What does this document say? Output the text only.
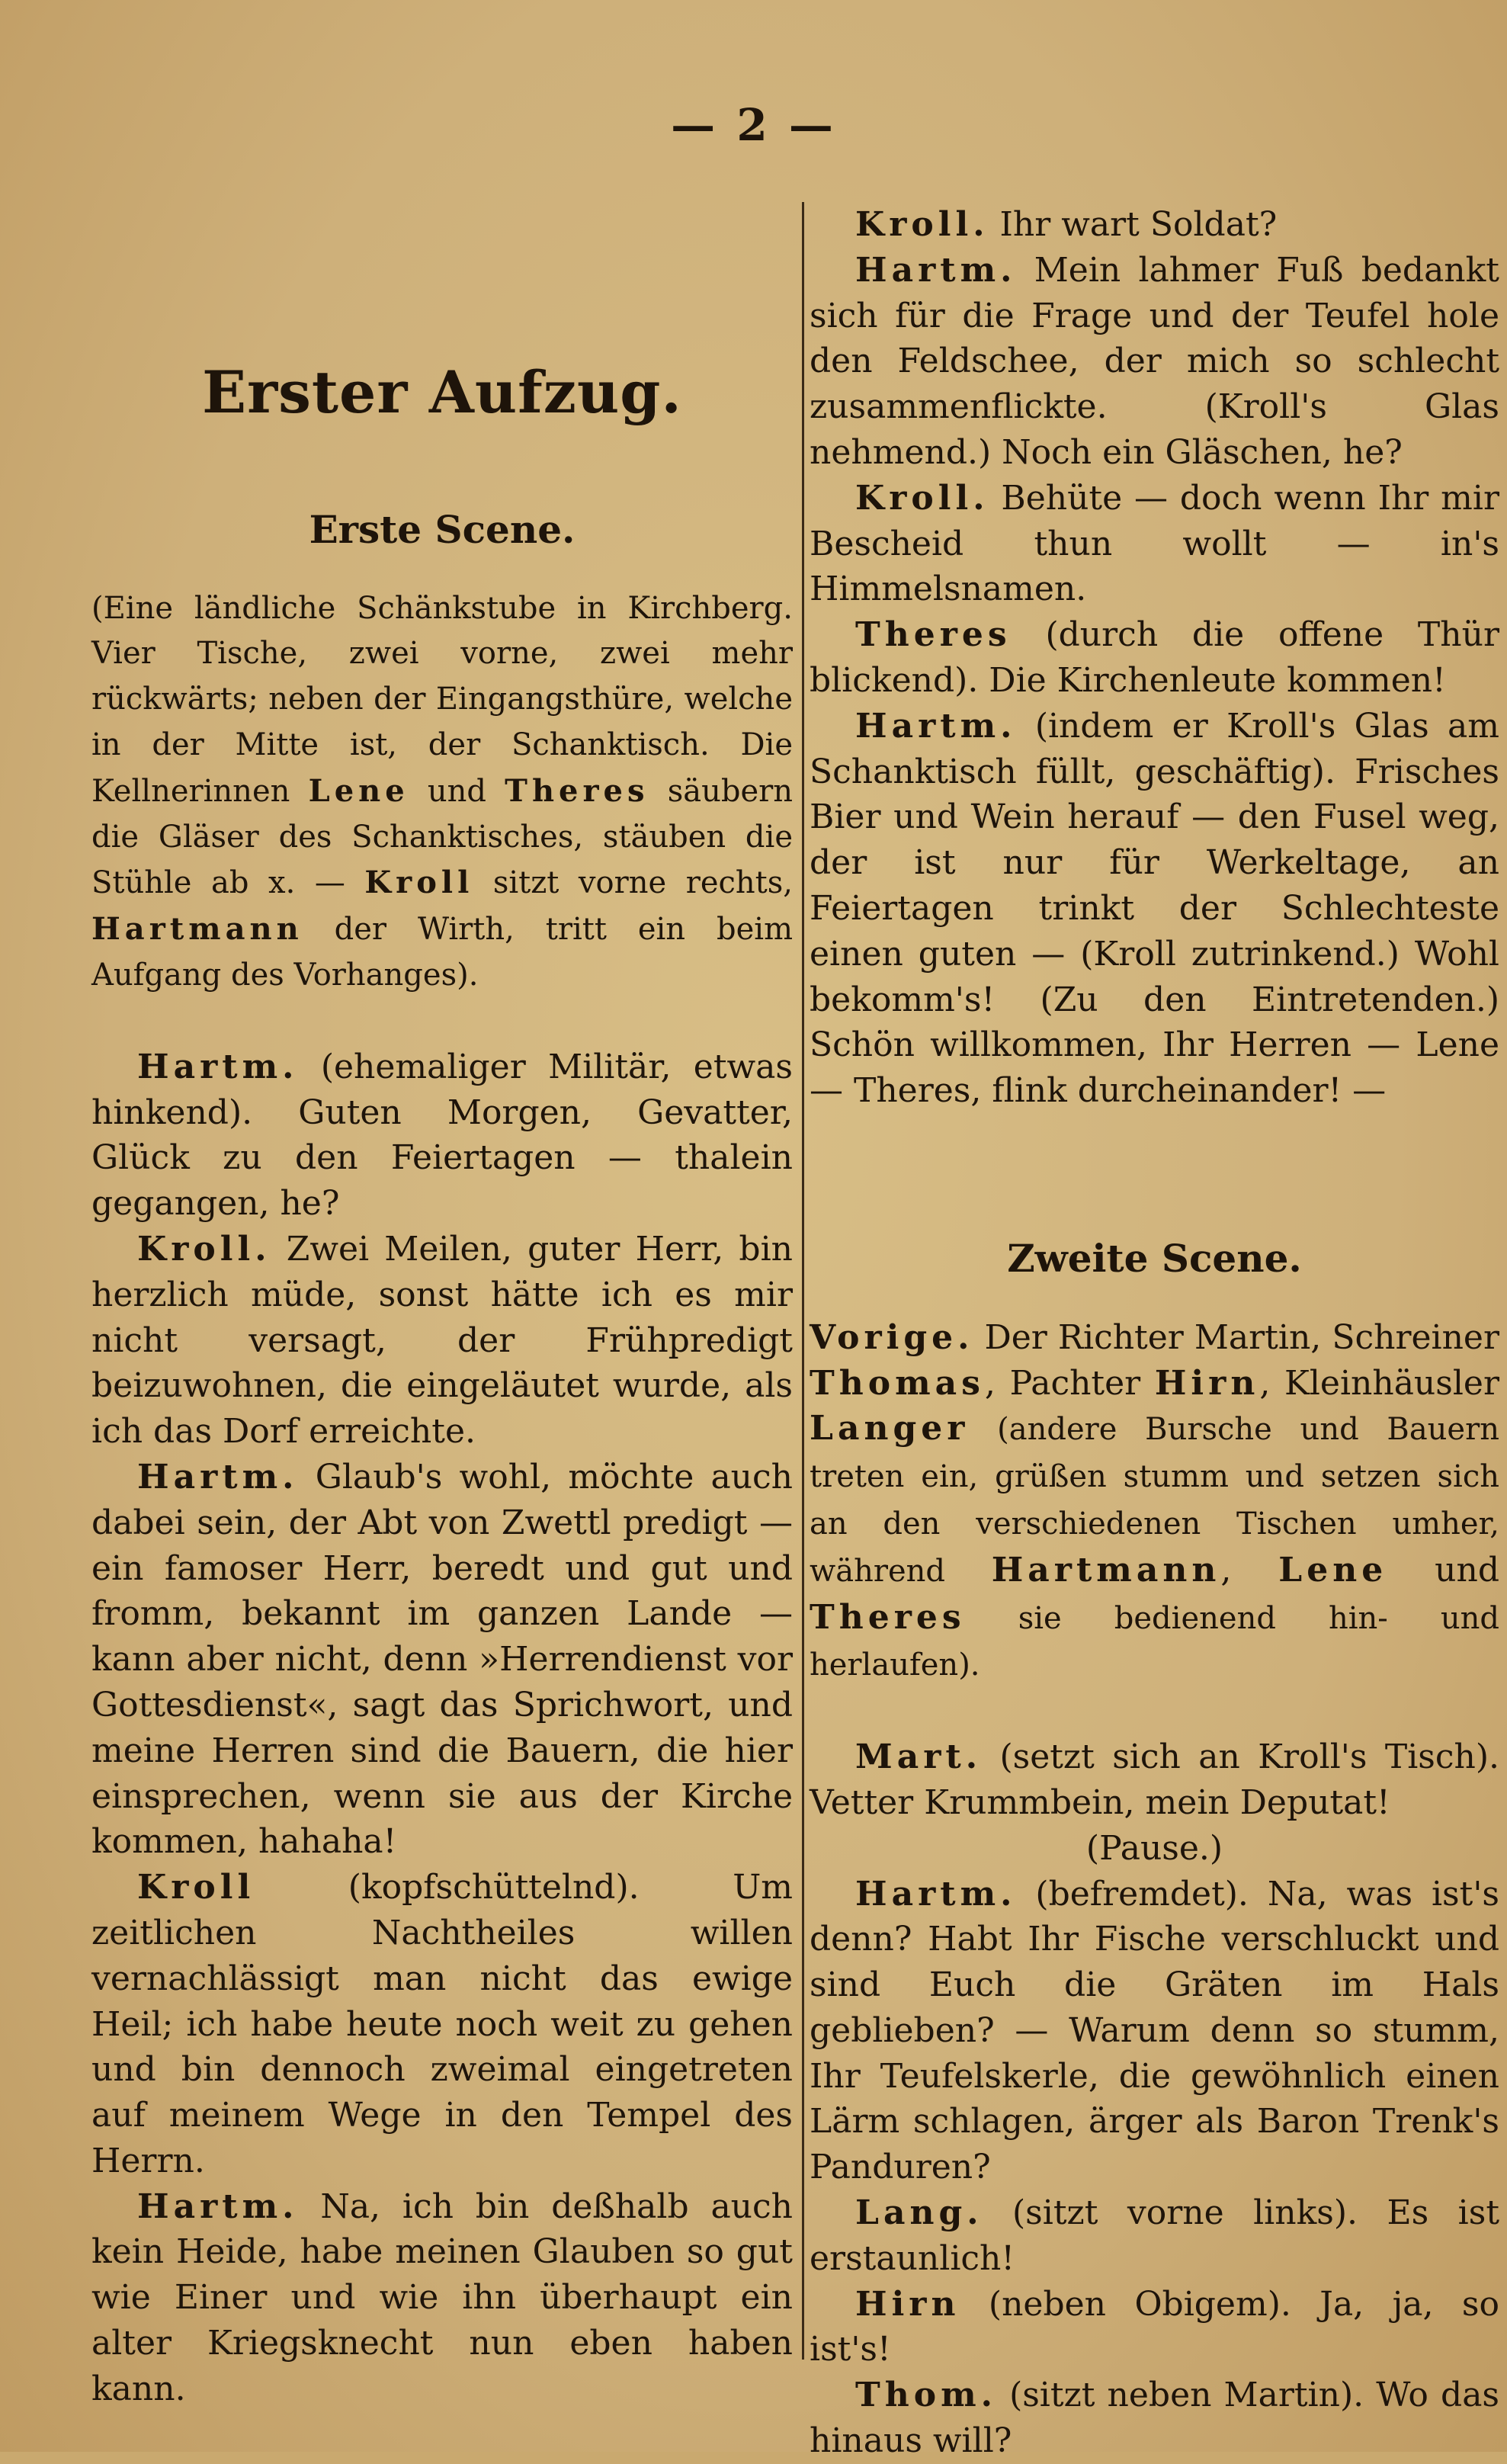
— 2 —

Erster Aufzug.

Erste Scene.

(Eine ländliche Schänkstube in Kirchberg. Vier Tische, zwei vorne, zwei mehr rückwärts; neben der Eingangsthüre, welche in der Mitte ist, der Schanktisch. Die Kellnerinnen Lene und Theres säubern die Gläser des Schanktisches, stäuben die Stühle ab x. — Kroll sitzt vorne rechts, Hartmann der Wirth, tritt ein beim Aufgang des Vorhanges).

Hartm. (ehemaliger Militär, etwas hinkend). Guten Morgen, Gevatter, Glück zu den Feiertagen — thalein gegangen, he?

Kroll. Zwei Meilen, guter Herr, bin herzlich müde, sonst hätte ich es mir nicht versagt, der Frühpredigt beizuwohnen, die eingeläutet wurde, als ich das Dorf erreichte.

Hartm. Glaub's wohl, möchte auch dabei sein, der Abt von Zwettl predigt — ein famoser Herr, beredt und gut und fromm, bekannt im ganzen Lande — kann aber nicht, denn »Herrendienst vor Gottesdienst«, sagt das Sprichwort, und meine Herren sind die Bauern, die hier einsprechen, wenn sie aus der Kirche kommen, hahaha!

Kroll (kopfschüttelnd). Um zeitlichen Nachtheiles willen vernachlässigt man nicht das ewige Heil; ich habe heute noch weit zu gehen und bin dennoch zweimal eingetreten auf meinem Wege in den Tempel des Herrn.

Hartm. Na, ich bin deßhalb auch kein Heide, habe meinen Glauben so gut wie Einer und wie ihn überhaupt ein alter Kriegsknecht nun eben haben kann.

Kroll. Ihr wart Soldat?

Hartm. Mein lahmer Fuß bedankt sich für die Frage und der Teufel hole den Feldschee, der mich so schlecht zusammenflickte. (Kroll's Glas nehmend.) Noch ein Gläschen, he?

Kroll. Behüte — doch wenn Ihr mir Bescheid thun wollt — in's Himmelsnamen.

Theres (durch die offene Thür blickend). Die Kirchenleute kommen!

Hartm. (indem er Kroll's Glas am Schanktisch füllt, geschäftig). Frisches Bier und Wein herauf — den Fusel weg, der ist nur für Werkeltage, an Feiertagen trinkt der Schlechteste einen guten — (Kroll zutrinkend.) Wohl bekomm's! (Zu den Eintretenden.) Schön willkommen, Ihr Herren — Lene — Theres, flink durcheinander! —

Zweite Scene.

Vorige. Der Richter Martin, Schreiner Thomas, Pachter Hirn, Kleinhäusler Langer (andere Bursche und Bauern treten ein, grüßen stumm und setzen sich an den verschiedenen Tischen umher, während Hartmann, Lene und Theres sie bedienend hin- und herlaufen).

Mart. (setzt sich an Kroll's Tisch). Vetter Krummbein, mein Deputat!

(Pause.)

Hartm. (befremdet). Na, was ist's denn? Habt Ihr Fische verschluckt und sind Euch die Gräten im Hals geblieben? — Warum denn so stumm, Ihr Teufelskerle, die gewöhnlich einen Lärm schlagen, ärger als Baron Trenk's Panduren?

Lang. (sitzt vorne links). Es ist erstaunlich!

Hirn (neben Obigem). Ja, ja, so ist's!

Thom. (sitzt neben Martin). Wo das hinaus will?
